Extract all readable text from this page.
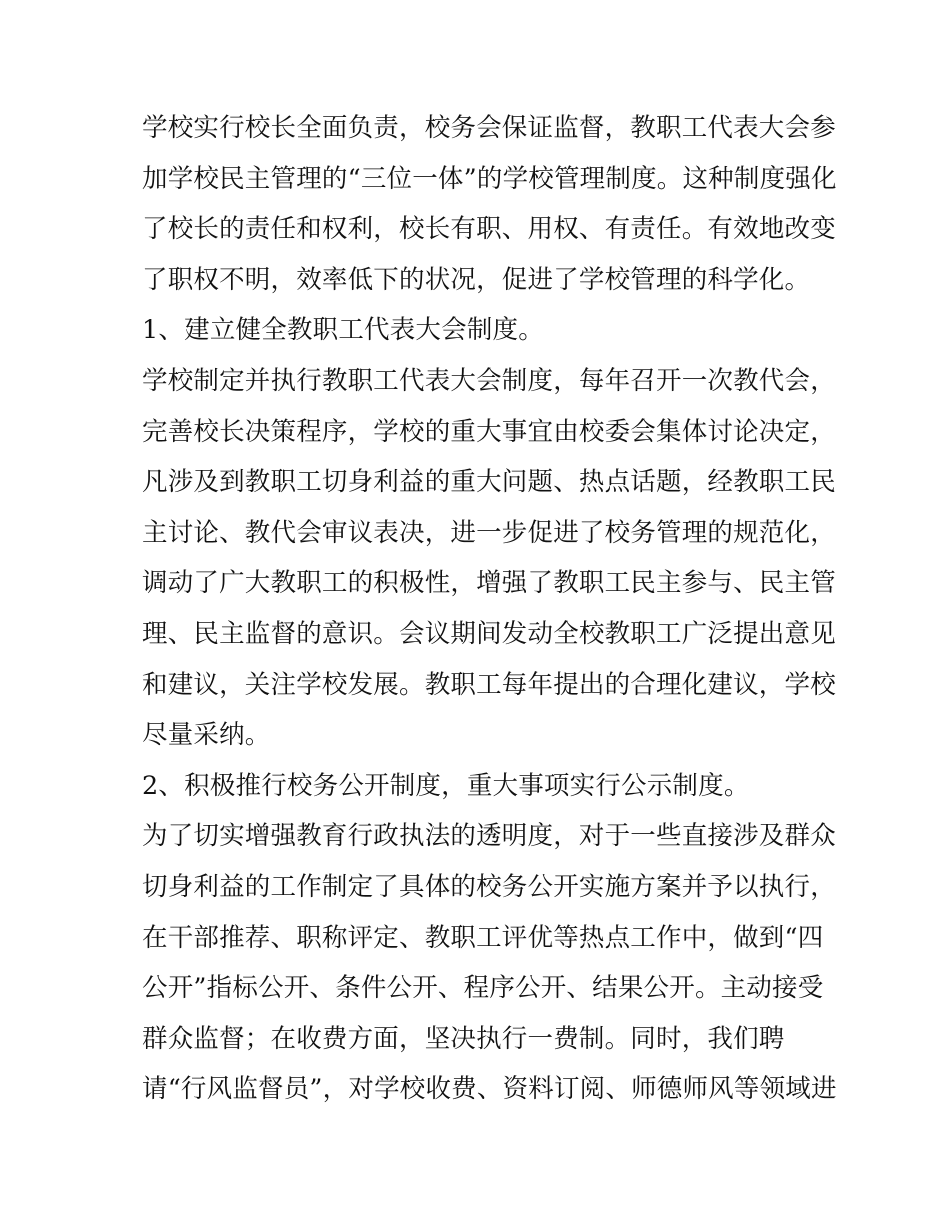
学校实行校长全面负责，校务会保证监督，教职工代表大会参
加学校民主管理的“三位一体”的学校管理制度。这种制度强化
了校长的责任和权利，校长有职、用权、有责任。有效地改变
了职权不明，效率低下的状况，促进了学校管理的科学化。
1、建立健全教职工代表大会制度。
学校制定并执行教职工代表大会制度，每年召开一次教代会，
完善校长决策程序，学校的重大事宜由校委会集体讨论决定，
凡涉及到教职工切身利益的重大问题、热点话题，经教职工民
主讨论、教代会审议表决，进一步促进了校务管理的规范化，
调动了广大教职工的积极性，增强了教职工民主参与、民主管
理、民主监督的意识。会议期间发动全校教职工广泛提出意见
和建议，关注学校发展。教职工每年提出的合理化建议，学校
尽量采纳。
2、积极推行校务公开制度，重大事项实行公示制度。
为了切实增强教育行政执法的透明度，对于一些直接涉及群众
切身利益的工作制定了具体的校务公开实施方案并予以执行，
在干部推荐、职称评定、教职工评优等热点工作中，做到“四
公开”指标公开、条件公开、程序公开、结果公开。主动接受
群众监督；在收费方面，坚决执行一费制。同时，我们聘
请“行风监督员”，对学校收费、资料订阅、师德师风等领域进
